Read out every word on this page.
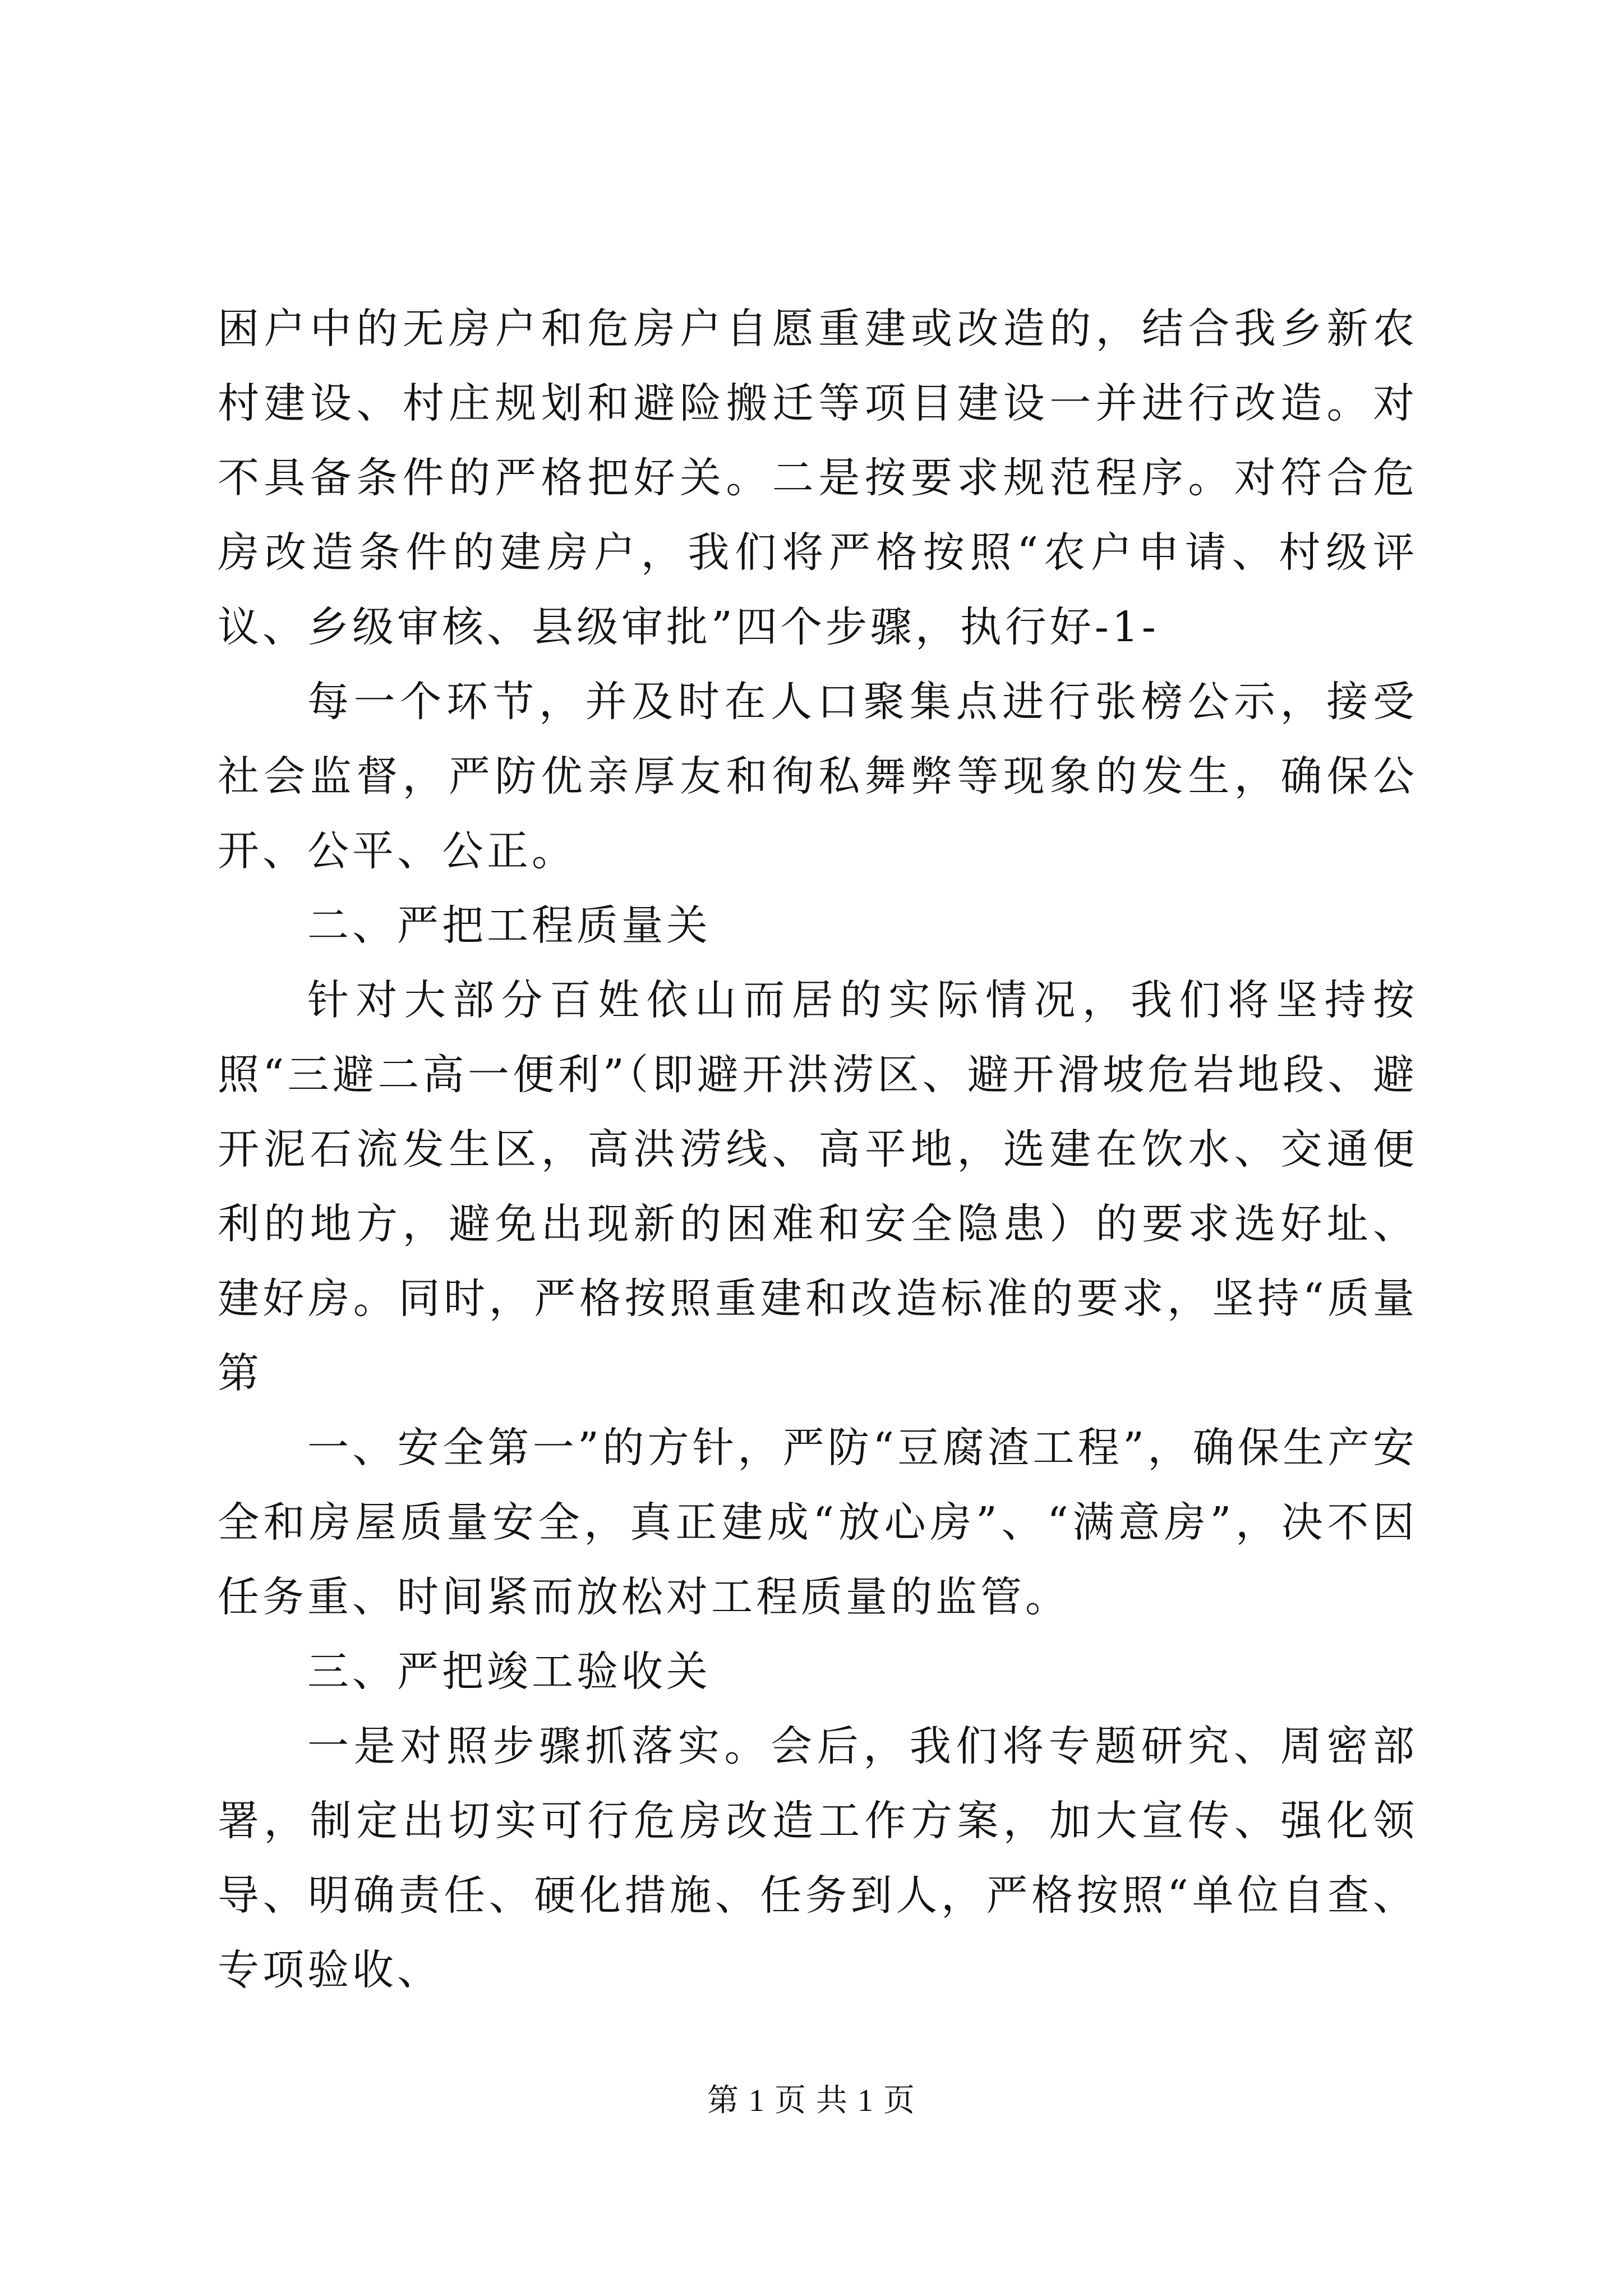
困户中的无房户和危房户自愿重建或改造的，结合我乡新农村建设、村庄规划和避险搬迁等项目建设一并进行改造。对不具备条件的严格把好关。二是按要求规范程序。对符合危房改造条件的建房户，我们将严格按照“农户申请、村级评议、乡级审核、县级审批”四个步骤，执行好-1-

每一个环节，并及时在人口聚集点进行张榜公示，接受社会监督，严防优亲厚友和徇私舞弊等现象的发生，确保公开、公平、公正。

二、严把工程质量关

针对大部分百姓依山而居的实际情况，我们将坚持按照“三避二高一便利”（即避开洪涝区、避开滑坡危岩地段、避开泥石流发生区，高洪涝线、高平地，选建在饮水、交通便利的地方，避免出现新的困难和安全隐患）的要求选好址、建好房。同时，严格按照重建和改造标准的要求，坚持“质量第

一、安全第一”的方针，严防“豆腐渣工程”，确保生产安全和房屋质量安全，真正建成“放心房”、“满意房”，决不因任务重、时间紧而放松对工程质量的监管。

三、严把竣工验收关

一是对照步骤抓落实。会后，我们将专题研究、周密部署，制定出切实可行危房改造工作方案，加大宣传、强化领导、明确责任、硬化措施、任务到人，严格按照“单位自查、专项验收、

第 1 页 共 1 页
